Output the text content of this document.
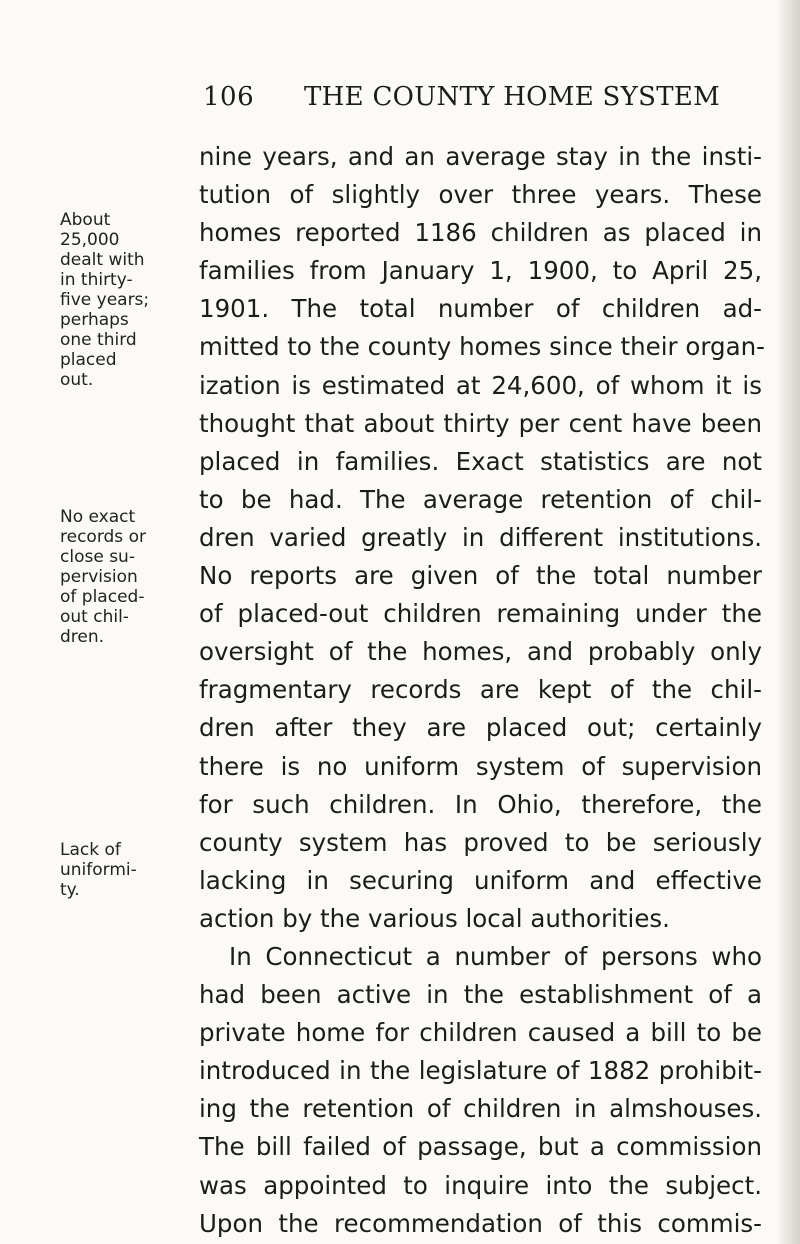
106 THE COUNTY HOME SYSTEM
About
25,000
dealt with
in thirty-
five years;
perhaps
one third
placed
out.
No exact
records or
close su-
pervision
of placed-
out chil-
dren.
Lack of
uniformi-
ty.
nine years, and an average stay in the insti-
tution of slightly over three years. These
homes reported 1186 children as placed in
families from January 1, 1900, to April 25,
1901. The total number of children ad-
mitted to the county homes since their organ-
ization is estimated at 24,600, of whom it is
thought that about thirty per cent have been
placed in families. Exact statistics are not
to be had. The average retention of chil-
dren varied greatly in different institutions.
No reports are given of the total number
of placed-out children remaining under the
oversight of the homes, and probably only
fragmentary records are kept of the chil-
dren after they are placed out; certainly
there is no uniform system of supervision
for such children. In Ohio, therefore, the
county system has proved to be seriously
lacking in securing uniform and effective
action by the various local authorities.
In Connecticut a number of persons who
had been active in the establishment of a
private home for children caused a bill to be
introduced in the legislature of 1882 prohibit-
ing the retention of children in almshouses.
The bill failed of passage, but a commission
was appointed to inquire into the subject.
Upon the recommendation of this commis-
